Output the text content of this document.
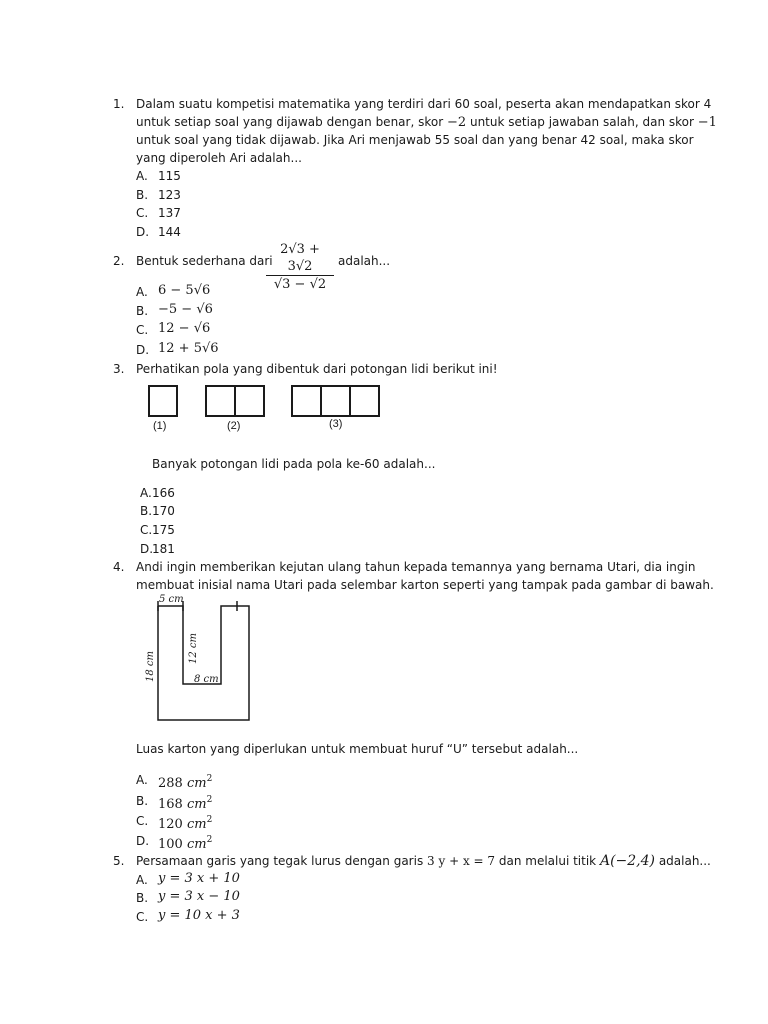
1. Dalam suatu kompetisi matematika yang terdiri dari 60 soal, peserta akan mendapatkan skor 4
untuk setiap soal yang dijawab dengan benar, skor −2 untuk setiap jawaban salah, dan skor −1
untuk soal yang tidak dijawab. Jika Ari menjawab 55 soal dan yang benar 42 soal, maka skor
yang diperoleh Ari adalah...
A. 115
B. 123
C. 137
D. 144
2. Bentuk sederhana dari
$\frac{2√3 + 3√2}{√3 - √2}$ adalah...
A. 6 − 5√6
B. −5 − √6
C. 12 − √6
D. 12 + 5√6
3. Perhatikan pola yang dibentuk dari potongan lidi berikut ini!
(1)	(2)	(3)
Banyak potongan lidi pada pola ke-60 adalah...
A. 166
B. 170
C. 175
D.
181
4. Andi ingin memberikan kejutan ulang tahun kepada temannya yang bernama Utari, dia ingin
membuat inisial nama Utari pada selembar karton seperti yang tampak pada gambar di bawah.
5 cm
8 cm
12 cm
18 cm
Luas karton yang diperlukan untuk membuat huruf “U” tersebut adalah...
A. 288 $cm^2$
B. 168 $cm^2$
C. 120 $cm^2$
D. 100 $cm^2$
5. Persamaan garis yang tegak lurus dengan garis 3 y + x = 7 dan melalui titik A(−2,4) adalah...
A. y = 3 x + 10
B. y = 3 x − 10
C. y = 10 x + 3
